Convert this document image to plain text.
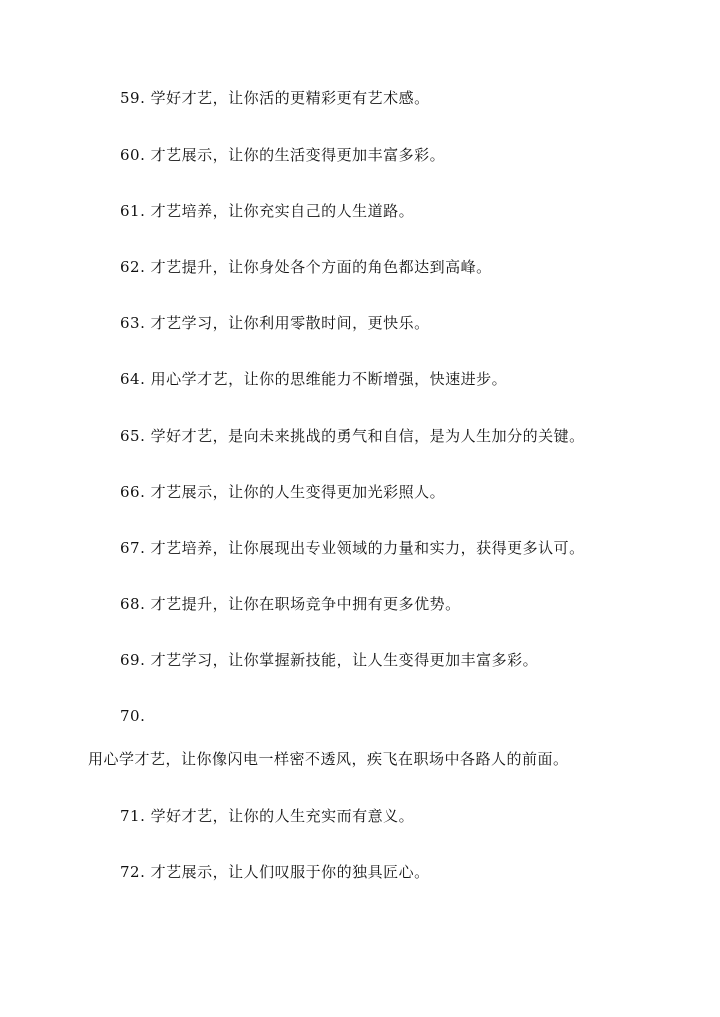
59. 学好才艺，让你活的更精彩更有艺术感。
60. 才艺展示，让你的生活变得更加丰富多彩。
61. 才艺培养，让你充实自己的人生道路。
62. 才艺提升，让你身处各个方面的角色都达到高峰。
63. 才艺学习，让你利用零散时间，更快乐。
64. 用心学才艺，让你的思维能力不断增强，快速进步。
65. 学好才艺，是向未来挑战的勇气和自信，是为人生加分的关键。
66. 才艺展示，让你的人生变得更加光彩照人。
67. 才艺培养，让你展现出专业领域的力量和实力，获得更多认可。
68. 才艺提升，让你在职场竞争中拥有更多优势。
69. 才艺学习，让你掌握新技能，让人生变得更加丰富多彩。
70.
用心学才艺，让你像闪电一样密不透风，疾飞在职场中各路人的前面。
71. 学好才艺，让你的人生充实而有意义。
72. 才艺展示，让人们叹服于你的独具匠心。
